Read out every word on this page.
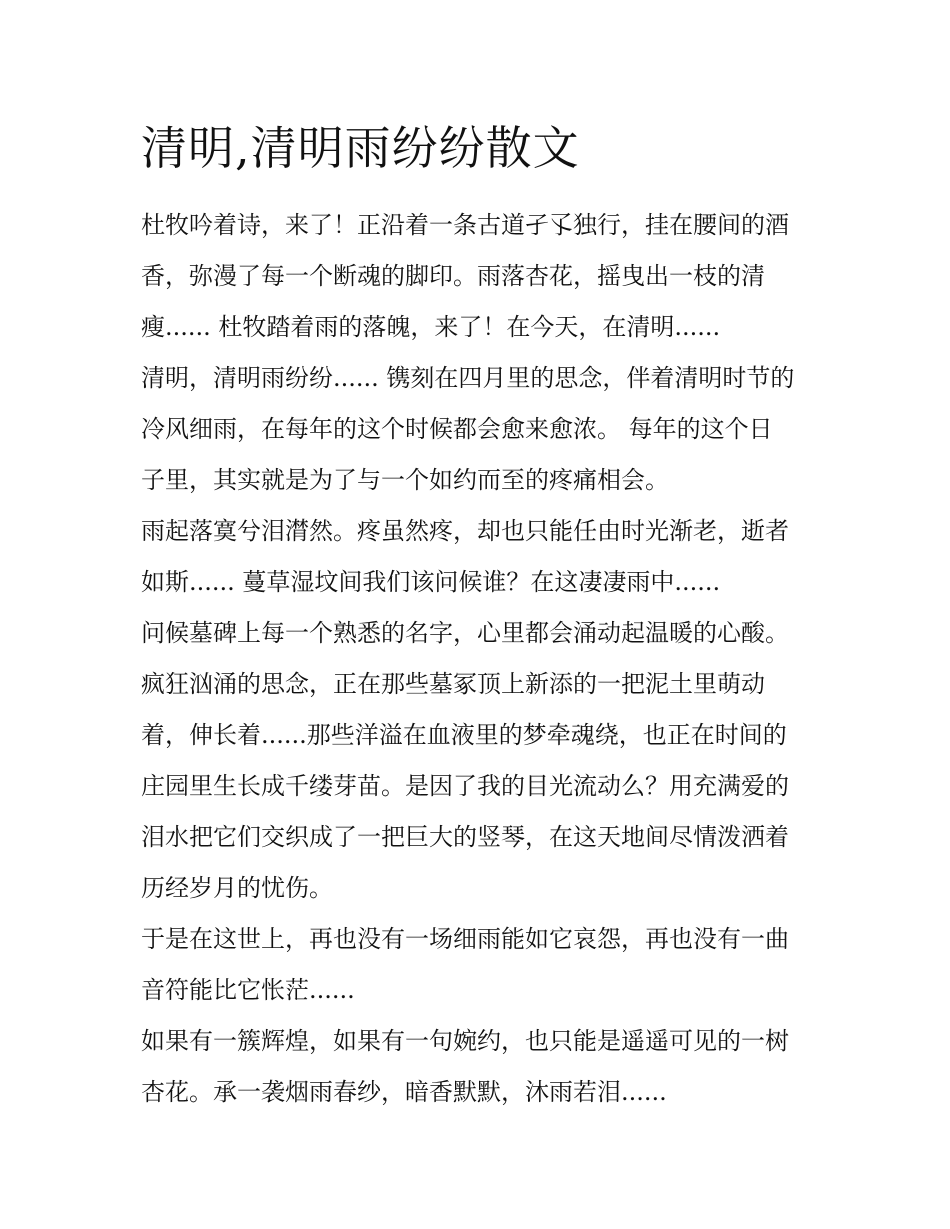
清明,清明雨纷纷散文
杜牧吟着诗，来了！正沿着一条古道孑孓独行，挂在腰间的酒
香，弥漫了每一个断魂的脚印。雨落杏花，摇曳出一枝的清
瘦...... 杜牧踏着雨的落魄，来了！在今天，在清明......
清明，清明雨纷纷...... 镌刻在四月里的思念，伴着清明时节的
冷风细雨，在每年的这个时候都会愈来愈浓。 每年的这个日
子里，其实就是为了与一个如约而至的疼痛相会。
雨起落寞兮泪潸然。疼虽然疼，却也只能任由时光渐老，逝者
如斯...... 蔓草湿坟间我们该问候谁？在这凄凄雨中......
问候墓碑上每一个熟悉的名字，心里都会涌动起温暖的心酸。
疯狂汹涌的思念，正在那些墓冢顶上新添的一把泥土里萌动
着，伸长着......那些洋溢在血液里的梦牵魂绕，也正在时间的
庄园里生长成千缕芽苗。是因了我的目光流动么？用充满爱的
泪水把它们交织成了一把巨大的竖琴，在这天地间尽情泼洒着
历经岁月的忧伤。
于是在这世上，再也没有一场细雨能如它哀怨，再也没有一曲
音符能比它怅茫......
如果有一簇辉煌，如果有一句婉约，也只能是遥遥可见的一树
杏花。承一袭烟雨春纱，暗香默默，沐雨若泪......
